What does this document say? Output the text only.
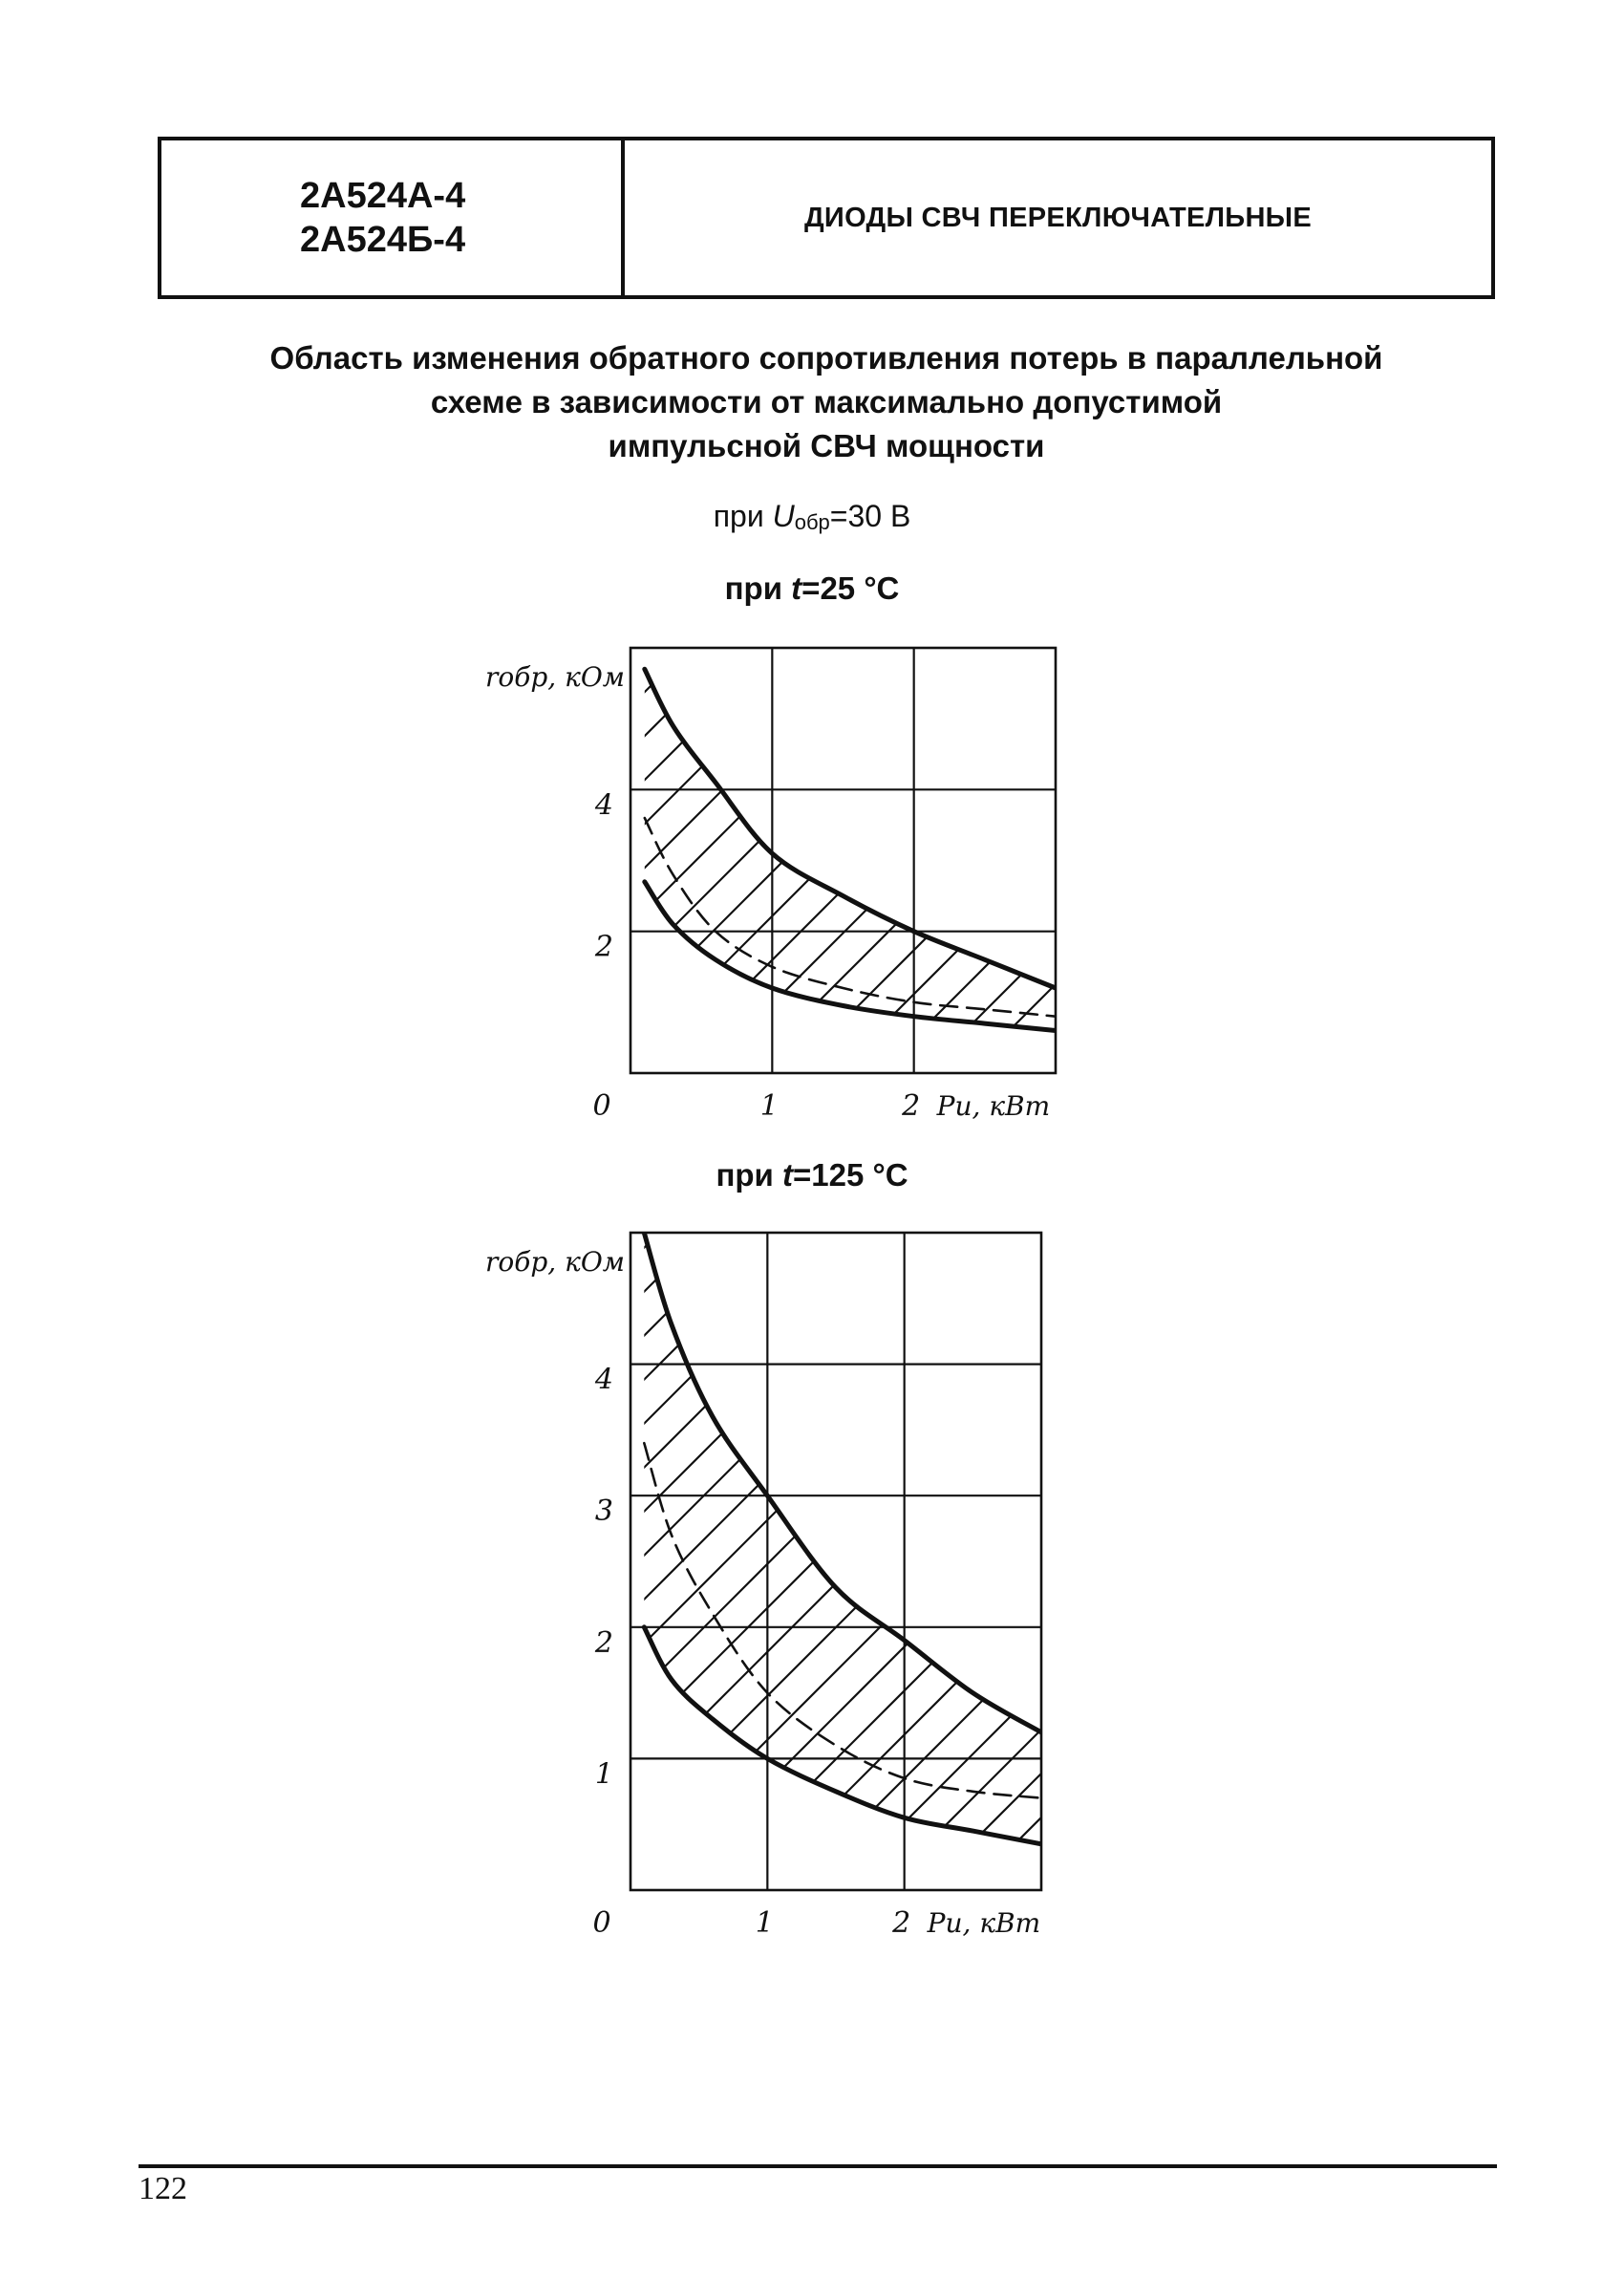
2А524А-4
2А524Б-4
ДИОДЫ СВЧ ПЕРЕКЛЮЧАТЕЛЬНЫЕ
Область изменения обратного сопротивления потерь в параллельной
схеме в зависимости от максимально допустимой
импульсной СВЧ мощности
при $U_{обр}=30$ В
при t=25 °С
2
4
1	2
0	Pи, кВт
rобр, кОм
при t=125 °С
1
2
3
4
1	2
0	Pи, кВт
rобр, кОм
122
